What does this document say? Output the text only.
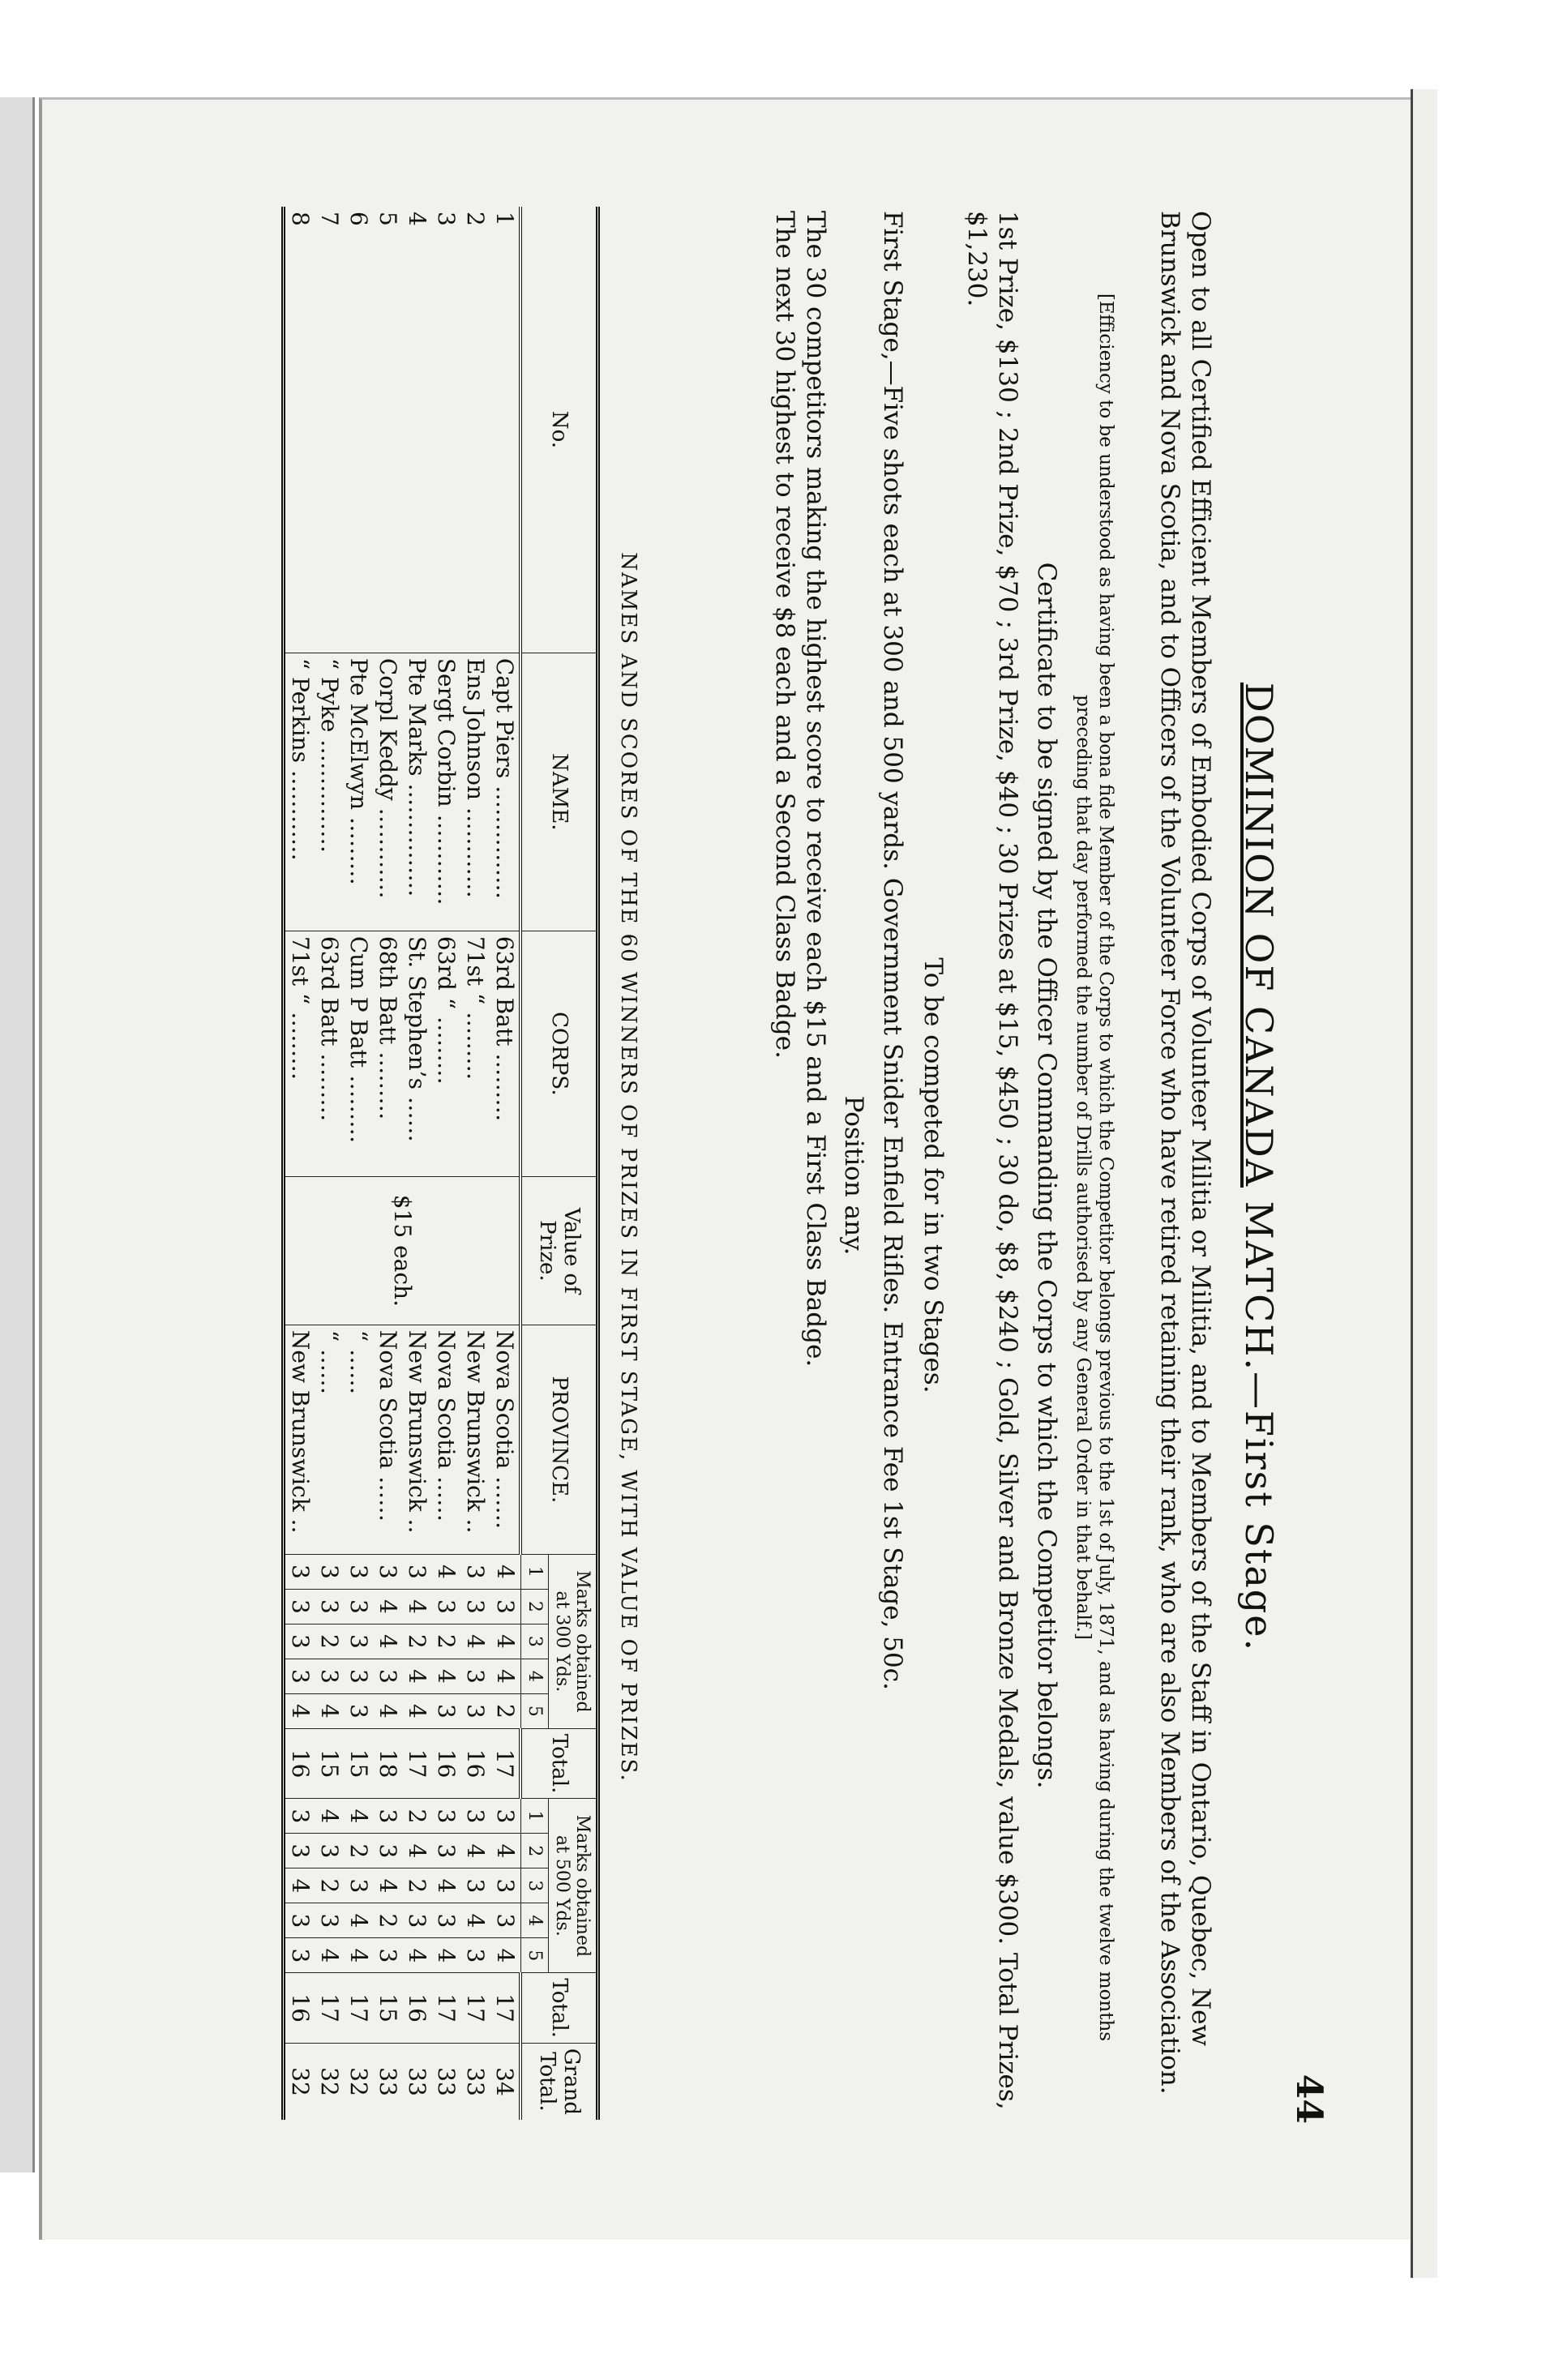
44
DOMINION OF CANADA MATCH.—First Stage.
Open to all Certified Efficient Members of Embodied Corps of Volunteer Militia or Militia, and to Members of the Staff in Ontario, Quebec, New Brunswick and Nova Scotia, and to Officers of the Volunteer Force who have retired retaining their rank, who are also Members of the Association.
[Efficiency to be understood as having been a bona fide Member of the Corps to which the Competitor belongs previous to the 1st of July, 1871, and as having during the twelve months preceding that day performed the number of Drills authorised by any General Order in that behalf.]
Certificate to be signed by the Officer Commanding the Corps to which the Competitor belongs.
1st Prize, $130 ; 2nd Prize, $70 ; 3rd Prize, $40 ; 30 Prizes at $15, $450 ; 30 do, $8, $240 ; Gold, Silver and Bronze Medals, value $300. Total Prizes, $1,230.
To be competed for in two Stages.
First Stage,—Five shots each at 300 and 500 yards. Government Snider Enfield Rifles. Entrance Fee 1st Stage, 50c.
Position any.
The 30 competitors making the highest score to receive each $15 and a First Class Badge.
The next 30 highest to receive $8 each and a Second Class Badge.
NAMES AND SCORES OF THE 60 WINNERS OF PRIZES IN FIRST STAGE, WITH VALUE OF PRIZES.
No.	NAME.	CORPS.	Value of Prize.	PROVINCE.	Marks obtained at 300 Yds.					Total.	Marks obtained at 500 Yds.					Total.	Grand Total.
					1	2	3	4	5		1	2	3	4	5		
1	Capt Piers ……………	63rd Batt ………	$15 each.	Nova Scotia …….	4	3	4	4	2	17	3	4	3	3	4	17	34
2	Ens Johnson …………	71st “ ………		New Brunswick ..	3	3	4	3	3	16	3	4	3	4	3	17	33
3	Sergt Corbin …………	63rd “ ………		Nova Scotia ……	4	3	2	4	3	16	3	3	4	3	4	17	33
4	Pte Marks ……………	St. Stephen’s ……		New Brunswick ..	3	4	2	4	4	17	2	4	2	3	4	16	33
5	Corpl Keddy …………	68th Batt ………		Nova Scotia ……	3	4	4	3	4	18	3	3	4	2	3	15	33
6	Pte McElwyn ………	Cum P Batt ………		“ ……	3	3	3	3	3	15	4	2	3	4	4	17	32
7	“ Pyke ……………	63rd Batt ………		“ ……	3	3	2	3	4	15	4	3	2	3	4	17	32
8	“ Perkins …………	71st “ ………		New Brunswick ..	3	3	3	3	4	16	3	3	4	3	3	16	32
